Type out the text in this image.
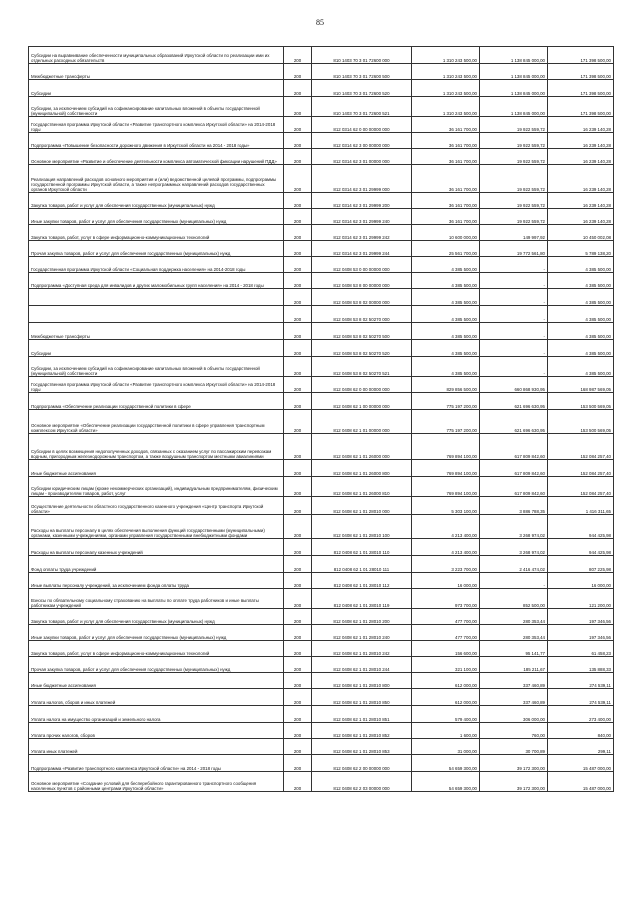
85
Субсидии на выравнивание обеспеченности муниципальных образований Иркутской области по реализации ими их отдельных расходных обязательств	200	810 1403 70 3 01 72600 000	1 310 243 500,00	1 138 845 000,00	171 398 500,00
Межбюджетные трансферты	200	810 1403 70 3 01 72600 500	1 310 243 500,00	1 138 845 000,00	171 398 500,00
Субсидии	200	810 1403 70 3 01 72600 520	1 310 243 500,00	1 138 845 000,00	171 398 500,00
Субсидии, за исключением субсидий на софинансирование капитальных вложений в объекты государственной (муниципальной) собственности	200	810 1403 70 3 01 72600 521	1 310 243 500,00	1 138 845 000,00	171 398 500,00
Государственная программа Иркутской области «Развитие транспортного комплекса Иркутской области» на 2014-2018 годы	200	812 0314 62 0 00 00000 000	36 161 700,00	19 922 559,72	16 239 140,28
Подпрограмма «Повышение безопасности дорожного движения в Иркутской области на 2014 - 2018 годы»	200	812 0314 62 3 00 00000 000	36 161 700,00	19 922 559,72	16 239 140,28
Основное мероприятие «Развитие и обеспечение деятельности комплекса автоматической фиксации нарушений ПДД»	200	812 0314 62 3 01 00000 000	36 161 700,00	19 922 559,72	16 239 140,28
Реализация направлений расходов основного мероприятия и (или) ведомственной целевой программы, подпрограммы государственной программы Иркутской области, а также непрограммных направлений расходов государственных органов Иркутской области	200	812 0314 62 3 01 29999 000	36 161 700,00	19 922 559,72	16 239 140,28
Закупка товаров, работ и услуг для обеспечения государственных (муниципальных) нужд	200	812 0314 62 3 01 29999 200	36 161 700,00	19 922 559,72	16 239 140,28
Иные закупки товаров, работ и услуг для обеспечения государственных (муниципальных) нужд	200	812 0314 62 3 01 29999 240	36 161 700,00	19 922 559,72	16 239 140,28
Закупка товаров, работ, услуг в сфере информационно-коммуникационных технологий	200	812 0314 62 3 01 29999 242	10 600 000,00	149 997,92	10 450 002,08
Прочая закупка товаров, работ и услуг для обеспечения государственных (муниципальных) нужд	200	812 0314 62 3 01 29999 244	25 561 700,00	19 772 561,80	5 789 138,20
Государственная программа Иркутской области «Социальная поддержка населения» на 2014-2018 годы	200	812 0408 53 0 00 00000 000	4 385 500,00	-	4 385 500,00
Подпрограмма «Доступная среда для инвалидов и других маломобильных групп населения» на 2014 - 2018 годы	200	812 0408 53 8 00 00000 000	4 385 500,00	-	4 385 500,00
	200	812 0408 53 8 02 00000 000	4 385 500,00	-	4 385 500,00
	200	812 0408 53 8 02 50270 000	4 385 500,00	-	4 385 500,00
Межбюджетные трансферты	200	812 0408 53 8 02 50270 500	4 385 500,00	-	4 385 500,00
Субсидии	200	812 0408 53 8 02 50270 520	4 385 500,00	-	4 385 500,00
Субсидии, за исключением субсидий на софинансирование капитальных вложений в объекты государственной (муниципальной) собственности	200	812 0408 53 8 02 50270 521	4 385 500,00	-	4 385 500,00
Государственная программа Иркутской области «Развитие транспортного комплекса Иркутской области» на 2014-2018 годы	200	812 0408 62 0 00 00000 000	829 856 500,00	660 868 930,95	168 987 569,05
Подпрограмма «Обеспечение реализации государственной политики в сфере	200	812 0408 62 1 00 00000 000	775 197 200,00	621 696 630,95	153 500 569,05
Основное мероприятие «Обеспечение реализации государственной политики в сфере управления транспортным комплексом Иркутской области»	200	812 0408 62 1 01 00000 000	775 197 200,00	621 696 630,95	153 500 569,05
Субсидии в целях возмещения недополученных доходов, связанных с оказанием услуг по пассажирским перевозкам водным, пригородным железнодорожным транспортом, а также воздушным транспортом местными авиалиниями	200	812 0408 62 1 01 26000 000	769 894 100,00	617 809 842,60	152 084 257,40
Иные бюджетные ассигнования	200	812 0408 62 1 01 26000 800	769 894 100,00	617 809 842,60	152 084 257,40
Субсидии юридическим лицам (кроме некоммерческих организаций), индивидуальным предпринимателям, физическим лицам - производителям товаров, работ, услуг	200	812 0408 62 1 01 26000 810	769 894 100,00	617 809 842,60	152 084 257,40
Осуществление деятельности областного государственного казенного учреждения «Центр транспорта Иркутской области»	200	812 0408 62 1 01 28010 000	5 303 100,00	3 886 788,35	1 416 311,65
Расходы на выплаты персоналу в целях обеспечения выполнения функций государственными (муниципальными) органами, казенными учреждениями, органами управления государственными внебюджетными фондами	200	812 0408 62 1 01 28010 100	4 213 400,00	3 268 974,02	944 425,98
Расходы на выплаты персоналу казенных учреждений	200	812 0408 62 1 01 28010 110	4 213 400,00	3 268 974,02	944 425,98
Фонд оплаты труда учреждений	200	812 0408 62 1 01 28010 111	3 223 700,00	2 416 474,02	807 225,98
Иные выплаты персоналу учреждений, за исключением фонда оплаты труда	200	812 0408 62 1 01 28010 112	16 000,00	-	16 000,00
Взносы по обязательному социальному страхованию на выплаты по оплате труда работников и иные выплаты работникам учреждений	200	812 0408 62 1 01 28010 119	973 700,00	852 500,00	121 200,00
Закупка товаров, работ и услуг для обеспечения государственных (муниципальных) нужд	200	812 0408 62 1 01 28010 200	477 700,00	280 353,44	197 346,56
Иные закупки товаров, работ и услуг для обеспечения государственных (муниципальных) нужд	200	812 0408 62 1 01 28010 240	477 700,00	280 353,44	197 346,56
Закупка товаров, работ, услуг в сфере информационно-коммуникационных технологий	200	812 0408 62 1 01 28010 242	156 600,00	95 141,77	61 458,23
Прочая закупка товаров, работ и услуг для обеспечения государственных (муниципальных) нужд	200	812 0408 62 1 01 28010 244	321 100,00	185 211,67	135 888,33
Иные бюджетные ассигнования	200	812 0408 62 1 01 28010 800	612 000,00	337 460,89	274 539,11
Уплата налогов, сборов и иных платежей	200	812 0408 62 1 01 28010 850	612 000,00	337 460,89	274 539,11
Уплата налога на имущество организаций и земельного налога	200	812 0408 62 1 01 28010 851	579 400,00	306 000,00	273 400,00
Уплата прочих налогов, сборов	200	812 0408 62 1 01 28010 852	1 600,00	760,00	840,00
Уплата иных платежей	200	812 0408 62 1 01 28010 853	31 000,00	30 700,89	299,11
Подпрограмма «Развитие транспортного комплекса Иркутской области» на 2014 - 2018 годы	200	812 0408 62 2 00 00000 000	54 659 300,00	39 172 300,00	15 487 000,00
Основное мероприятие «Создание условий для бесперебойного гарантированного транспортного сообщения населенных пунктов с районными центрами Иркутской области»	200	812 0408 62 2 03 00000 000	54 659 300,00	39 172 300,00	15 487 000,00
